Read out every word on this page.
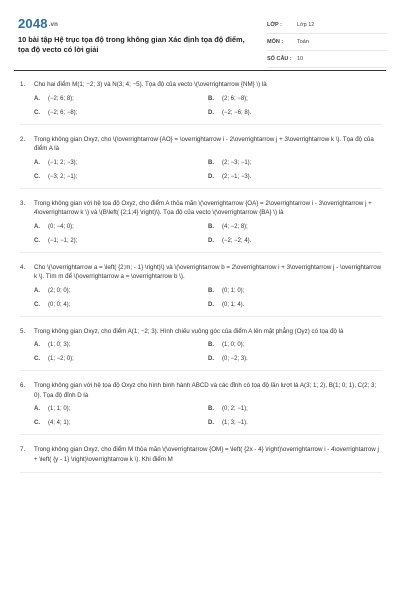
2048.vn
10 bài tập Hệ trục tọa độ trong không gian Xác định tọa độ điểm, tọa độ vecto có lời giải
LỚP :	Lớp 12
MÔN :	Toán
SỐ CÂU : 10
1.	Cho hai điểm M(1; −2; 3) và N(3; 4; −5). Tọa độ của vecto \(\overrightarrow {NM} \) là
A.	(−2; 6; 8);	B.	(2; 6; −8);
C.	(−2; 6; −8);	D.	(−2; −6; 8).
2.	Trong không gian Oxyz, cho \(\overrightarrow {AO} = \overrightarrow i - 2\overrightarrow j + 3\overrightarrow k \). Tọa độ của điểm A là
A.	(−1; 2; −3);	B.	(2; −3; −1);
C.	(−3; 2; −1);	D.	(2; −1; −3).
3.	Trong không gian với hệ tọa độ Oxyz, cho điểm A thỏa mãn \(\overrightarrow {OA} = 2\overrightarrow i - 3\overrightarrow j + 4\overrightarrow k \) và \(B\left( {2;1;4} \right)\). Tọa độ của vecto \(\overrightarrow {BA} \) là
A.	(0; −4; 0);	B.	(4; −2; 8);
C.	(−1; −1; 2);	D.	(−2; −2; 4).
4.	Cho \(\overrightarrow a = \left( {2;m; - 1} \right)\) và \(\overrightarrow b = 2\overrightarrow i + 3\overrightarrow j - \overrightarrow k \). Tìm m để \(\overrightarrow a = \overrightarrow b \).
A.	(2; 0; 0);	B.	(0; 1; 0);
C.	(0; 0; 4);	D.	(0; 1; 4).
5.	Trong không gian Oxyz, cho điểm A(1; −2; 3). Hình chiếu vuông góc của điểm A lên mặt phẳng (Oyz) có tọa độ là
A.	(1; 0; 3);	B.	(1; 0; 0);
C.	(1; −2; 0);	D.	(0; −2; 3).
6.	Trong không gian với hệ tọa độ Oxyz cho hình bình hành ABCD và các đỉnh có tọa độ lần lượt là A(3; 1; 2), B(1; 0; 1), C(2; 3; 0). Tọa độ đỉnh D là
A.	(1; 1; 0);	B.	(0; 2; −1);
C.	(4; 4; 1);	D.	(1; 3; −1).
7.	Trong không gian Oxyz, cho điểm M thỏa mãn \(\overrightarrow {OM} = \left( {2x - 4} \right)\overrightarrow i - 4\overrightarrow j + \left( {y - 1} \right)\overrightarrow k \). Khi điểm M
